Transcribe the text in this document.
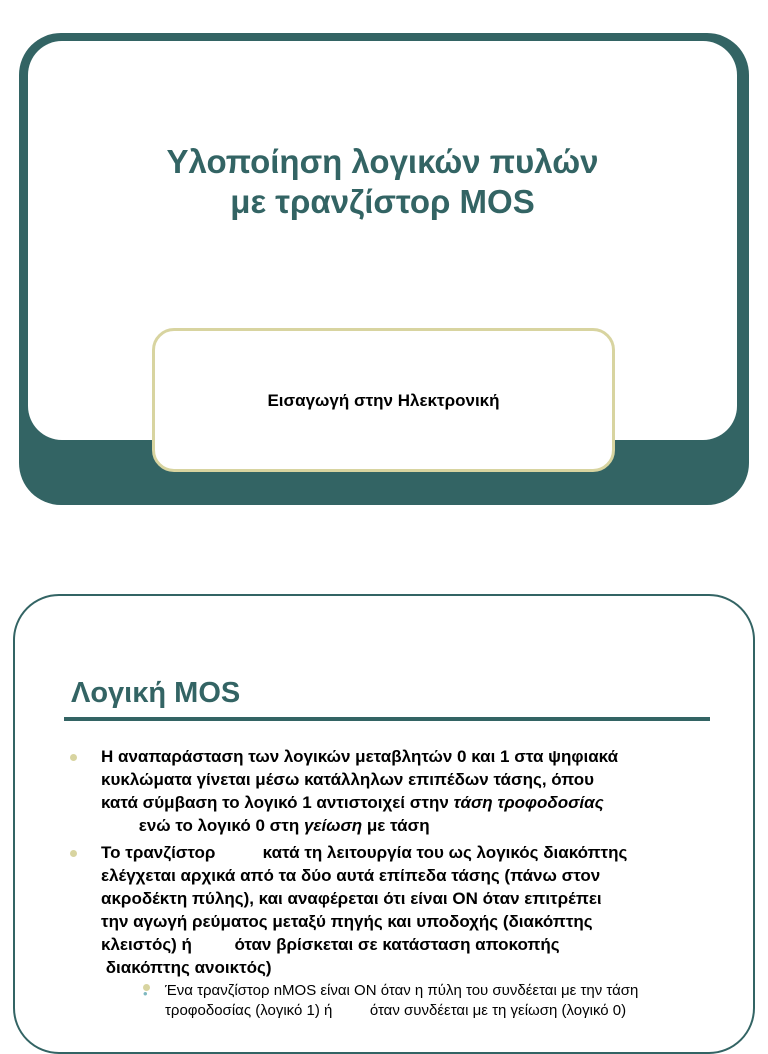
Υλοποίηση λογικών πυλών
με τρανζίστορ MOS
Εισαγωγή στην Ηλεκτρονική
Λογική MOS
Η αναπαράσταση των λογικών μεταβλητών 0 και 1 στα ψηφιακά
κυκλώματα γίνεται μέσω κατάλληλων επιπέδων τάσης, όπου
κατά σύμβαση το λογικό 1 αντιστοιχεί στην τάση τροφοδοσίας
ενώ το λογικό 0 στη γείωση με τάση
Το τρανζίστορ          κατά τη λειτουργία του ως λογικός διακόπτης
ελέγχεται αρχικά από τα δύο αυτά επίπεδα τάσης (πάνω στον
ακροδέκτη πύλης), και αναφέρεται ότι είναι ON όταν επιτρέπει
την αγωγή ρεύματος μεταξύ πηγής και υποδοχής (διακόπτης
κλειστός) ή         όταν βρίσκεται σε κατάσταση αποκοπής
διακόπτης ανοικτός)
• Ένα τρανζίστορ nMOS είναι ON όταν η πύλη του συνδέεται με την τάση
τροφοδοσίας (λογικό 1) ή         όταν συνδέεται με τη γείωση (λογικό 0)
